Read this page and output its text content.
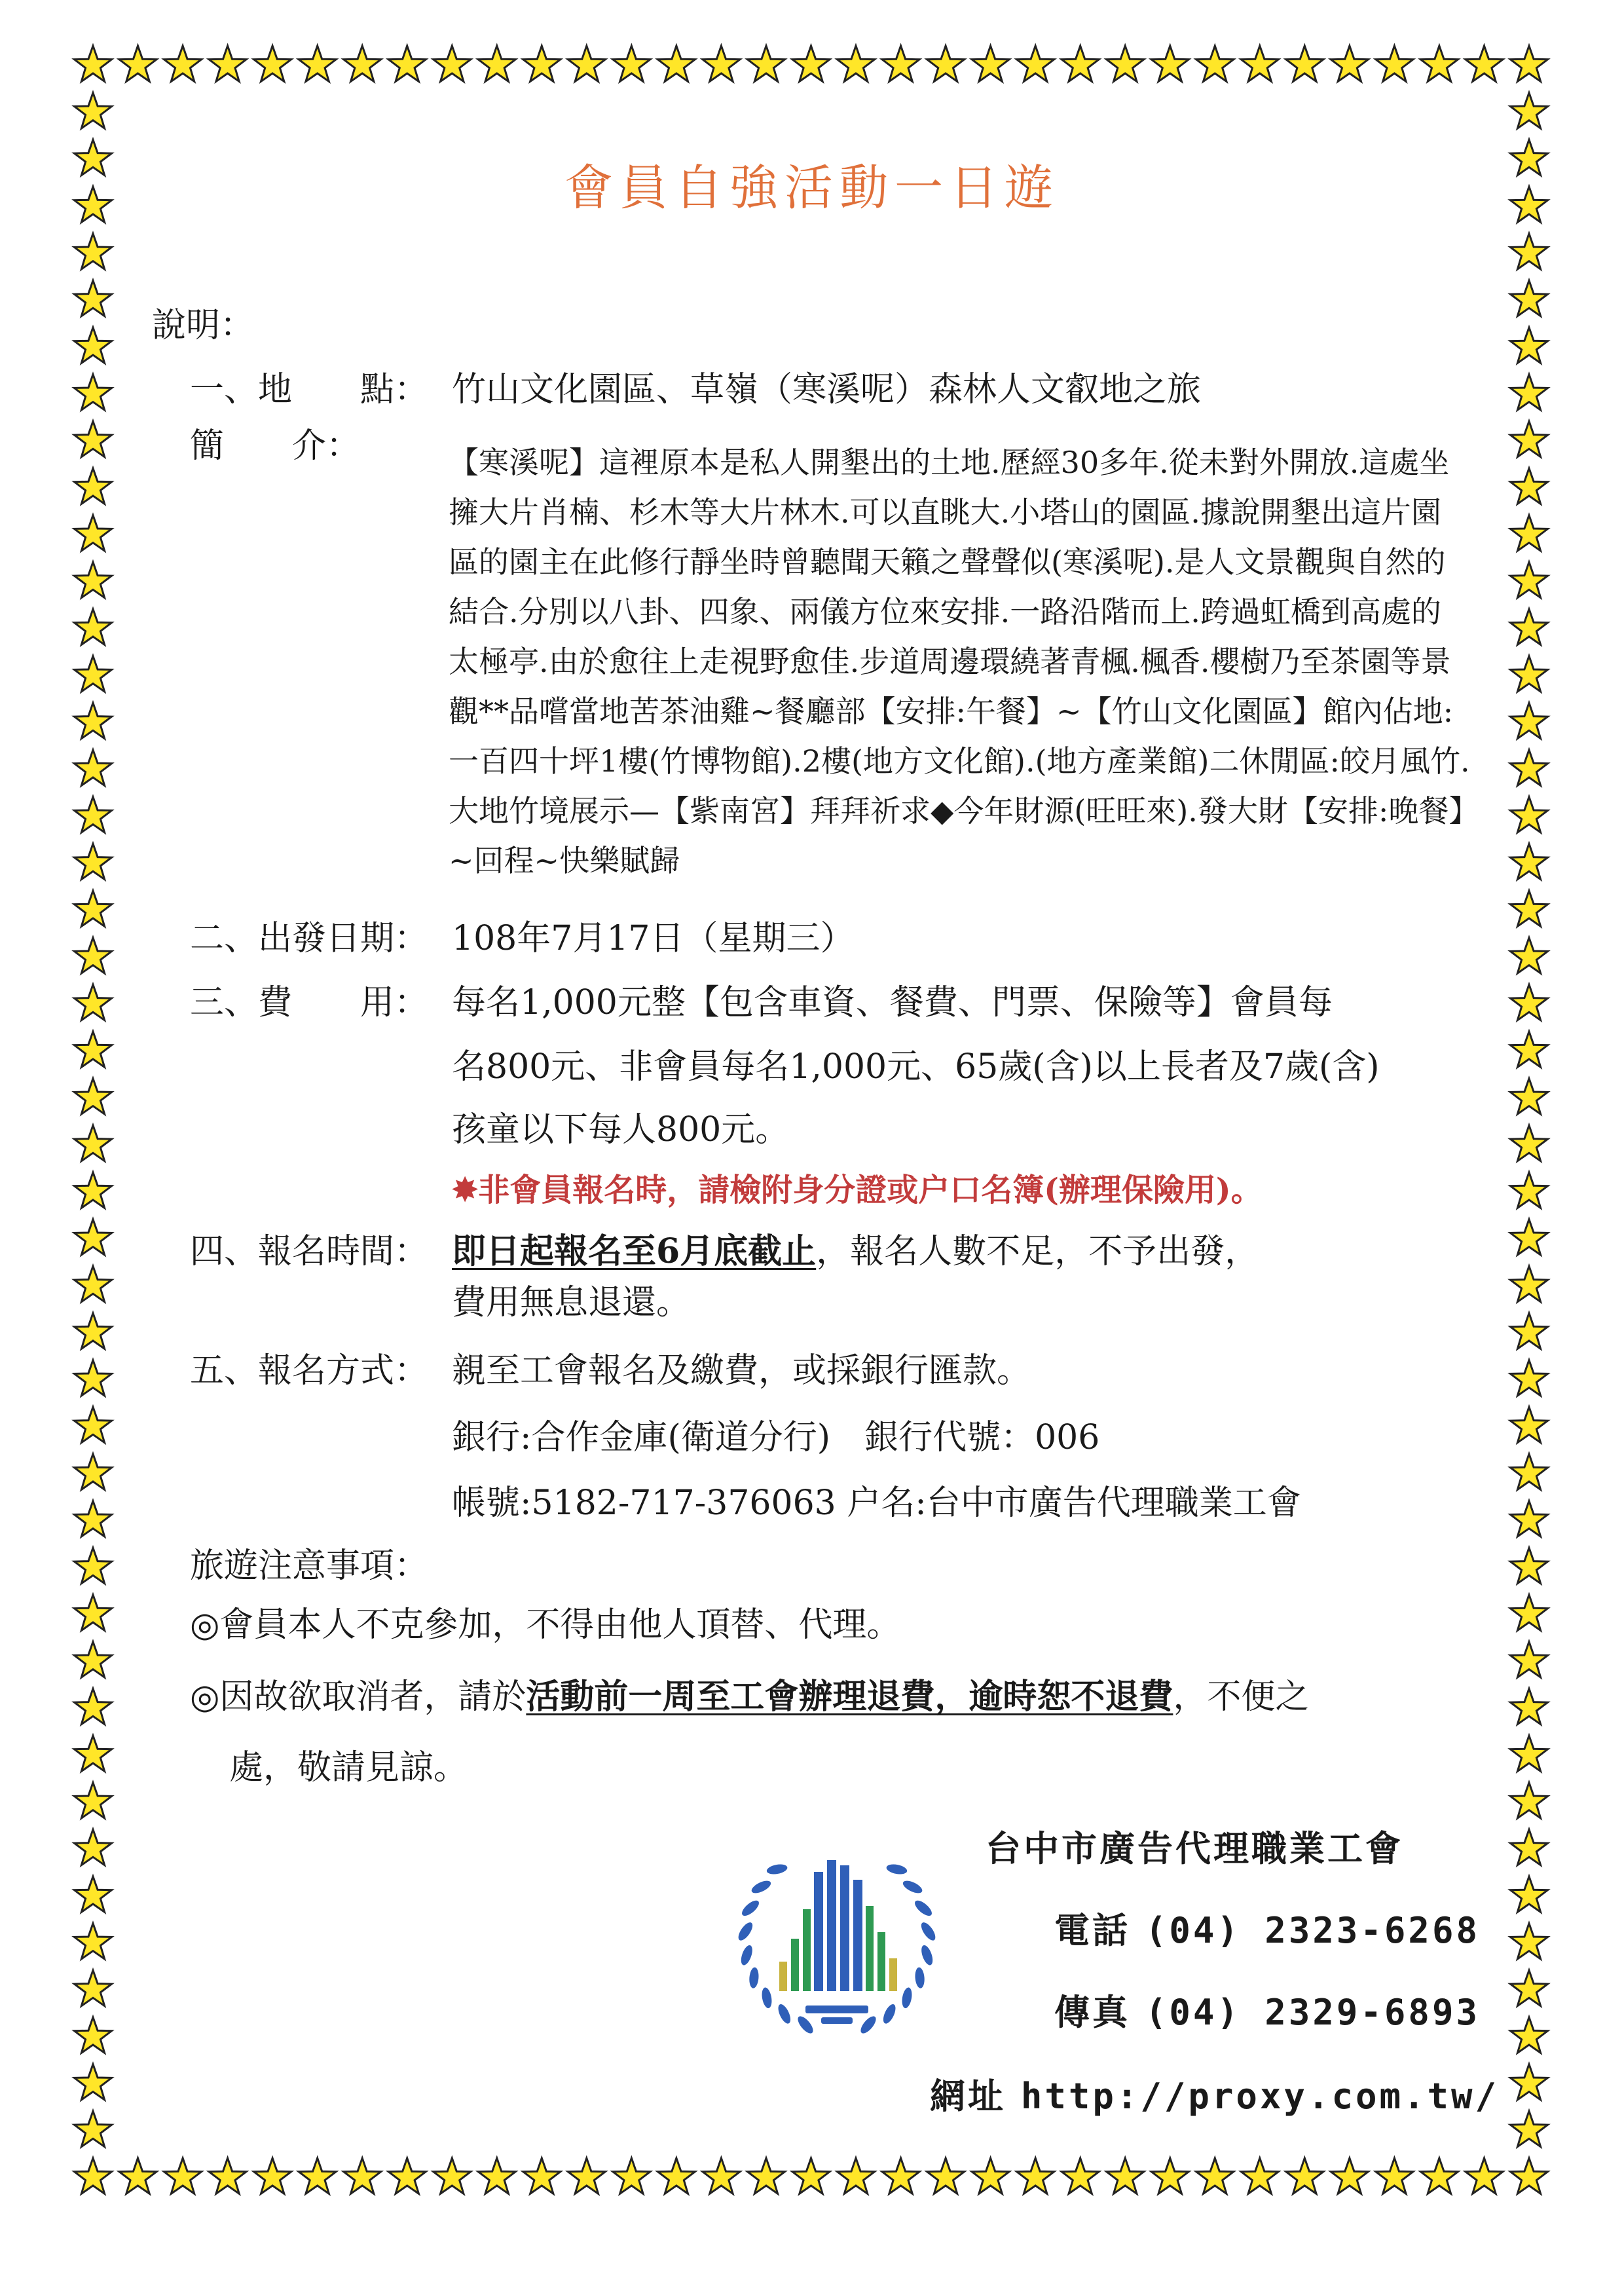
會員自強活動一日遊
說明：
一、地　　點： 竹山文化園區、草嶺（寒溪呢）森林人文叡地之旅
簡　　介：	【寒溪呢】這裡原本是私人開墾出的土地.歷經30多年.從未對外開放.這處坐擁大片肖楠、杉木等大片林木.可以直眺大.小塔山的園區.據說開墾出這片園區的園主在此修行靜坐時曾聽聞天籟之聲聲似(寒溪呢).是人文景觀與自然的結合.分別以八卦、四象、兩儀方位來安排.一路沿階而上.跨過虹橋到高處的太極亭.由於愈往上走視野愈佳.步道周邊環繞著青楓.楓香.櫻樹乃至茶園等景觀**品嚐當地苦茶油雞~餐廳部【安排:午餐】~【竹山文化園區】館內佔地:一百四十坪1樓(竹博物館).2樓(地方文化館).(地方產業館)二休閒區:皎月風竹.大地竹境展示—【紫南宮】拜拜祈求◆今年財源(旺旺來).發大財【安排:晚餐】~回程~快樂賦歸

二、出發日期： 108年7月17日（星期三）
三、費　　用： 每名1,000元整【包含車資、餐費、門票、保險等】會員每
名800元、非會員每名1,000元、65歲(含)以上長者及7歲(含)
孩童以下每人800元。
✸非會員報名時，請檢附身分證或户口名簿(辦理保險用)。
四、報名時間： 即日起報名至6月底截止，報名人數不足，不予出發，
費用無息退還。
五、報名方式： 親至工會報名及繳費，或採銀行匯款。
銀行:合作金庫(衛道分行)　銀行代號：006
帳號:5182-717-376063 户名:台中市廣告代理職業工會
旅遊注意事項：
◎會員本人不克參加，不得由他人頂替、代理。
◎因故欲取消者，請於活動前一周至工會辦理退費，逾時恕不退費，不便之
處，敬請見諒。
台中市廣告代理職業工會
電話 (04) 2323-6268
傳真 (04) 2329-6893
網址 http://proxy.com.tw/
